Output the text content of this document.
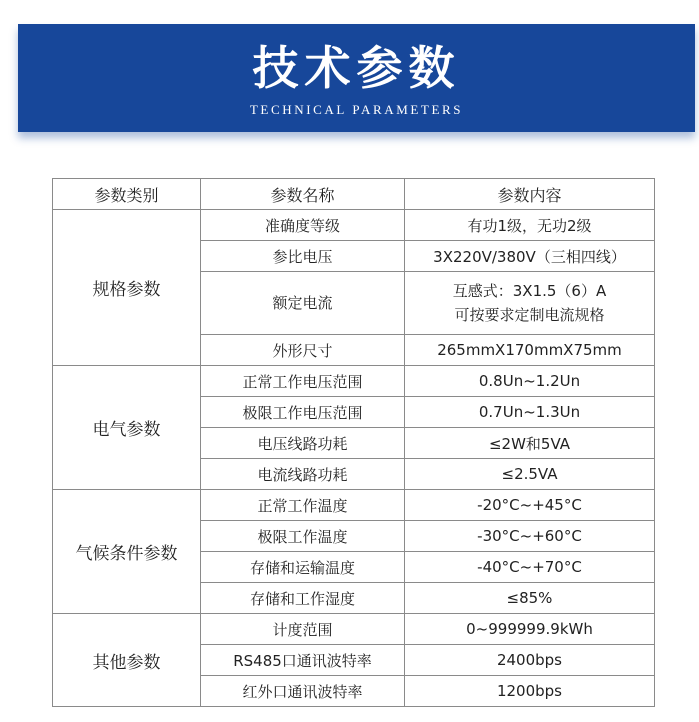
技术参数
TECHNICAL PARAMETERS
参数类别	参数名称	参数内容
规格参数	准确度等级	有功1级，无功2级
	参比电压	3X220V/380V（三相四线）
	额定电流	互感式：3X1.5（6）A
可按要求定制电流规格

	外形尺寸	265mmX170mmX75mm
电气参数	正常工作电压范围	0.8Un~1.2Un
	极限工作电压范围	0.7Un~1.3Un
	电压线路功耗	≤2W和5VA
	电流线路功耗	≤2.5VA
气候条件参数	正常工作温度	-20°C~+45°C
	极限工作温度	-30°C~+60°C
	存储和运输温度	-40°C~+70°C
	存储和工作湿度	≤85%
其他参数	计度范围	0~999999.9kWh
	RS485口通讯波特率	2400bps
	红外口通讯波特率	1200bps
